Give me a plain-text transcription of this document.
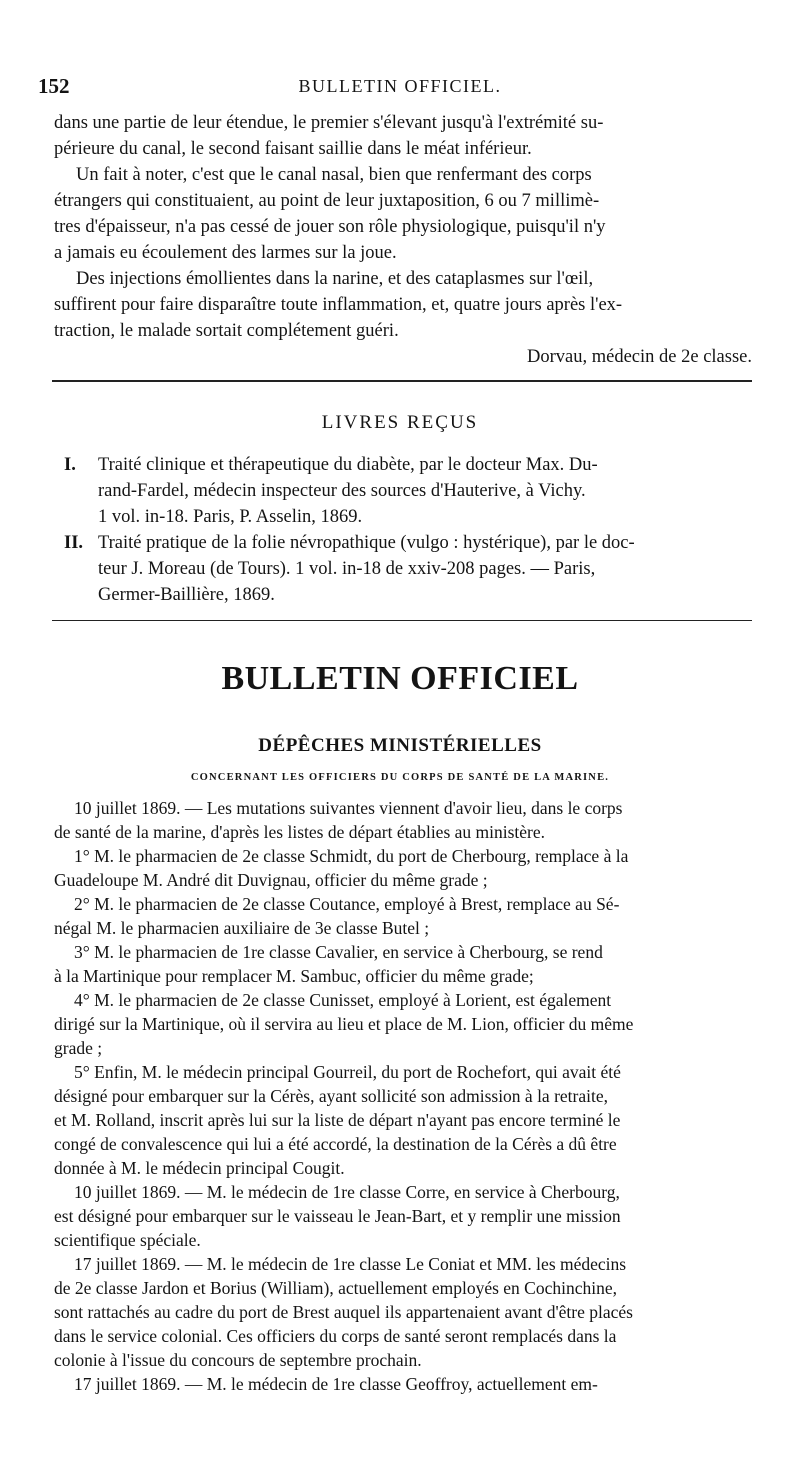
152	BULLETIN OFFICIEL.

dans une partie de leur étendue, le premier s'élevant jusqu'à l'extrémité su-

périeure du canal, le second faisant saillie dans le méat inférieur.

Un fait à noter, c'est que le canal nasal, bien que renfermant des corps

étrangers qui constituaient, au point de leur juxtaposition, 6 ou 7 millimè-

tres d'épaisseur, n'a pas cessé de jouer son rôle physiologique, puisqu'il n'y

a jamais eu écoulement des larmes sur la joue.

Des injections émollientes dans la narine, et des cataplasmes sur l'œil,

suffirent pour faire disparaître toute inflammation, et, quatre jours après l'ex-

traction, le malade sortait complétement guéri.

Dorvau, médecin de 2e classe.

LIVRES REÇUS
I. Traité clinique et thérapeutique du diabète, par le docteur Max. Du-

rand-Fardel, médecin inspecteur des sources d'Hauterive, à Vichy.

1 vol. in-18. Paris, P. Asselin, 1869.

II. Traité pratique de la folie névropathique (vulgo : hystérique), par le doc-

teur J. Moreau (de Tours). 1 vol. in-18 de xxiv-208 pages. — Paris,

Germer-Baillière, 1869.

BULLETIN OFFICIEL
DÉPÊCHES MINISTÉRIELLES
CONCERNANT LES OFFICIERS DU CORPS DE SANTÉ DE LA MARINE.

10 juillet 1869. — Les mutations suivantes viennent d'avoir lieu, dans le corps

de santé de la marine, d'après les listes de départ établies au ministère.

1° M. le pharmacien de 2e classe Schmidt, du port de Cherbourg, remplace à la

Guadeloupe M. André dit Duvignau, officier du même grade ;

2° M. le pharmacien de 2e classe Coutance, employé à Brest, remplace au Sé-

négal M. le pharmacien auxiliaire de 3e classe Butel ;

3° M. le pharmacien de 1re classe Cavalier, en service à Cherbourg, se rend

à la Martinique pour remplacer M. Sambuc, officier du même grade;

4° M. le pharmacien de 2e classe Cunisset, employé à Lorient, est également

dirigé sur la Martinique, où il servira au lieu et place de M. Lion, officier du même

grade ;

5° Enfin, M. le médecin principal Gourreil, du port de Rochefort, qui avait été

désigné pour embarquer sur la Cérès, ayant sollicité son admission à la retraite,

et M. Rolland, inscrit après lui sur la liste de départ n'ayant pas encore terminé le

congé de convalescence qui lui a été accordé, la destination de la Cérès a dû être

donnée à M. le médecin principal Cougit.

10 juillet 1869. — M. le médecin de 1re classe Corre, en service à Cherbourg,

est désigné pour embarquer sur le vaisseau le Jean-Bart, et y remplir une mission

scientifique spéciale.

17 juillet 1869. — M. le médecin de 1re classe Le Coniat et MM. les médecins

de 2e classe Jardon et Borius (William), actuellement employés en Cochinchine,

sont rattachés au cadre du port de Brest auquel ils appartenaient avant d'être placés

dans le service colonial. Ces officiers du corps de santé seront remplacés dans la

colonie à l'issue du concours de septembre prochain.

17 juillet 1869. — M. le médecin de 1re classe Geoffroy, actuellement em-
